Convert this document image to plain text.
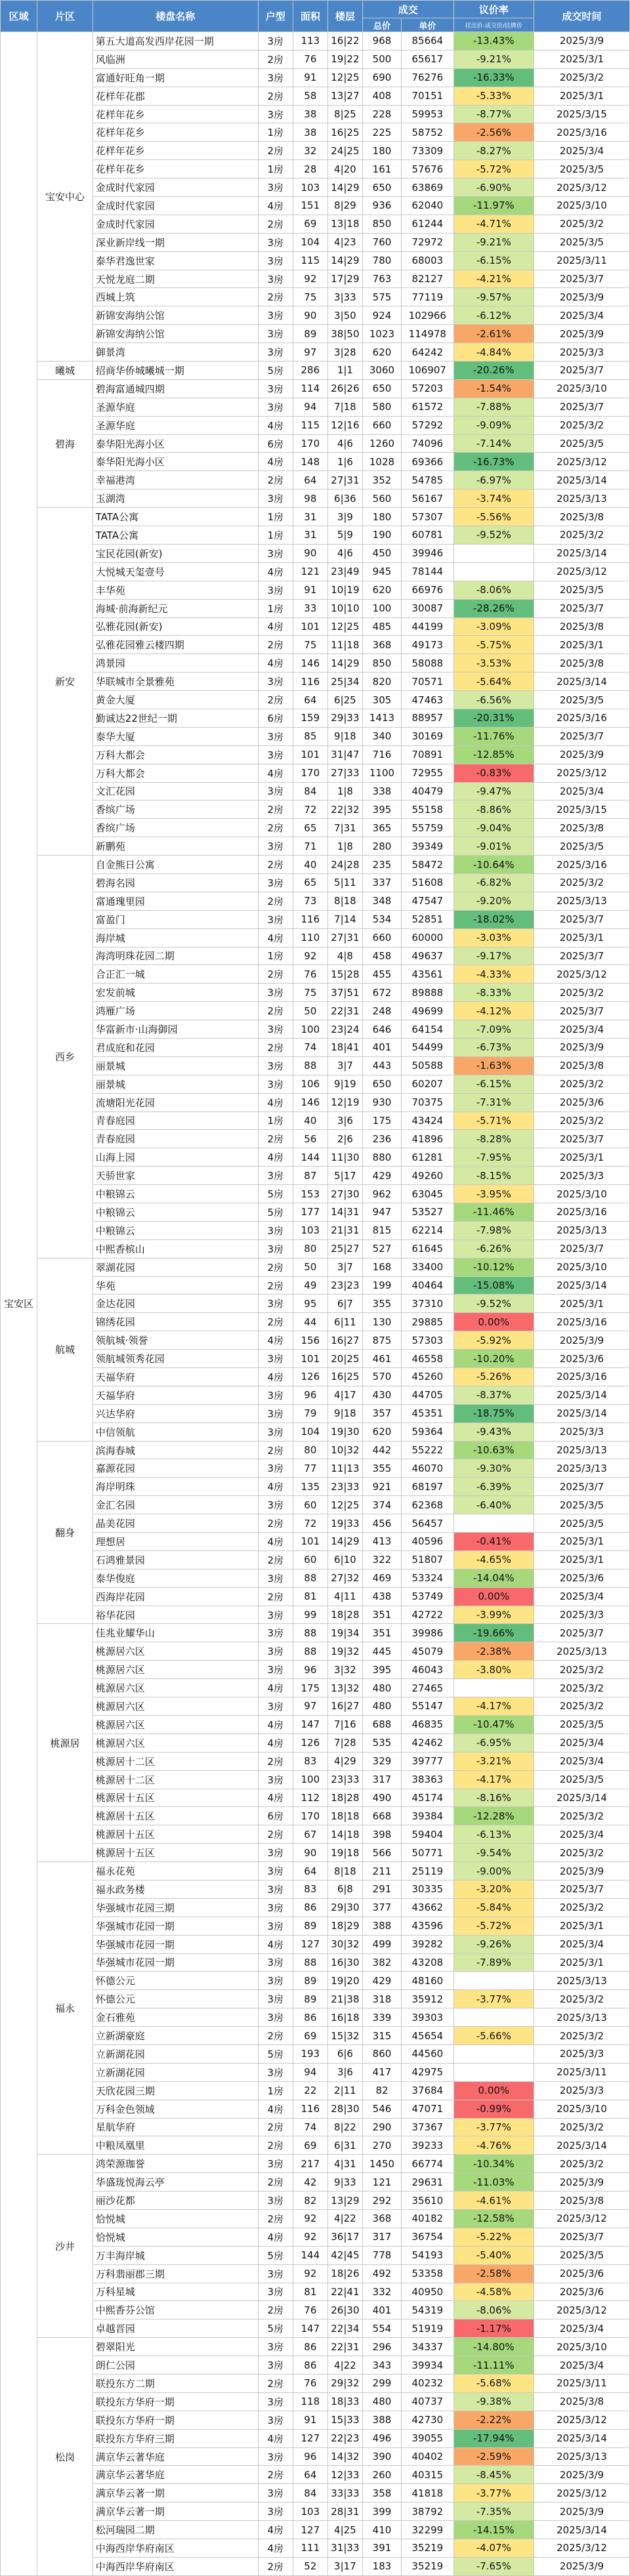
区域	片区	楼盘名称	户型	面积	楼层	成交		议价率	成交时间
						总价	单价	挂出价-成交价/挂牌价	
宝安区	宝安中心	第五大道高发西岸花园一期	3房	113	16|22	968	85664	-13.43%	2025/3/9
		风临洲	2房	76	19|22	500	65617	-9.21%	2025/3/1
		富通好旺角一期	3房	91	12|25	690	76276	-16.33%	2025/3/2
		花样年花郡	2房	58	13|27	408	70151	-5.33%	2025/3/1
		花样年花乡	3房	38	8|25	228	59953	-8.77%	2025/3/15
		花样年花乡	1房	38	16|25	225	58752	-2.56%	2025/3/16
		花样年花乡	2房	32	24|25	180	73309	-8.27%	2025/3/4
		花样年花乡	1房	28	4|20	161	57676	-5.72%	2025/3/5
		金成时代家园	3房	103	14|29	650	63869	-6.90%	2025/3/12
		金成时代家园	4房	151	8|29	936	62040	-11.97%	2025/3/10
		金成时代家园	2房	69	13|18	850	61244	-4.71%	2025/3/2
		深业新岸线一期	3房	104	4|23	760	72972	-9.21%	2025/3/5
		泰华君逸世家	3房	115	14|29	780	68003	-6.15%	2025/3/11
		天悦龙庭二期	3房	92	17|29	763	82127	-4.21%	2025/3/7
		西城上筑	2房	75	3|33	575	77119	-9.57%	2025/3/9
		新锦安海纳公馆	3房	90	3|50	924	102966	-6.12%	2025/3/4
		新锦安海纳公馆	3房	89	38|50	1023	114978	-2.61%	2025/3/9
		御景湾	3房	97	3|28	620	64242	-4.84%	2025/3/3
	曦城	招商华侨城曦城一期	5房	286	1|1	3060	106907	-20.26%	2025/3/7
	碧海	碧海富通城四期	3房	114	26|26	650	57203	-1.54%	2025/3/10
		圣源华庭	3房	94	7|18	580	61572	-7.88%	2025/3/7
		圣源华庭	4房	115	12|16	660	57292	-9.09%	2025/3/2
		泰华阳光海小区	6房	170	4|6	1260	74096	-7.14%	2025/3/5
		泰华阳光海小区	4房	148	1|6	1028	69366	-16.73%	2025/3/12
		幸福港湾	2房	64	27|31	352	54785	-6.97%	2025/3/14
		玉湖湾	3房	98	6|36	560	56167	-3.74%	2025/3/13
	新安	TATA公寓	1房	31	3|9	180	57307	-5.56%	2025/3/8
		TATA公寓	1房	31	5|9	190	60781	-9.52%	2025/3/2
		宝民花园(新安)	3房	90	4|6	450	39946		2025/3/14
		大悦城天玺壹号	4房	121	23|49	945	78144		2025/3/12
		丰华苑	3房	91	10|19	620	66976	-8.06%	2025/3/5
		海城·前海新纪元	1房	33	10|10	100	30087	-28.26%	2025/3/7
		弘雅花园(新安)	4房	101	12|25	485	44199	-3.09%	2025/3/8
		弘雅花园雅云楼四期	2房	75	11|18	368	49173	-5.75%	2025/3/1
		鸿景园	4房	146	14|29	850	58088	-3.53%	2025/3/8
		华联城市全景雅苑	3房	116	25|34	820	70571	-5.64%	2025/3/14
		黄金大厦	2房	64	6|25	305	47463	-6.56%	2025/3/5
		勤诚达22世纪一期	6房	159	29|33	1413	88957	-20.31%	2025/3/16
		泰华大厦	3房	85	9|18	340	30169	-11.76%	2025/3/7
		万科大都会	3房	101	31|47	716	70891	-12.85%	2025/3/9
		万科大都会	4房	170	27|33	1100	72955	-0.83%	2025/3/12
		文汇花园	3房	84	1|8	338	40479	-9.47%	2025/3/4
		香缤广场	2房	72	22|32	395	55158	-8.86%	2025/3/15
		香缤广场	2房	65	7|31	365	55759	-9.04%	2025/3/8
		新鹏苑	3房	71	1|8	280	39349	-9.01%	2025/3/5
	西乡	自金熊日公寓	2房	40	24|28	235	58472	-10.64%	2025/3/16
		碧海名园	3房	65	5|11	337	51608	-6.82%	2025/3/2
		富通瑰里园	2房	73	8|18	348	47547	-9.20%	2025/3/13
		富盈门	3房	116	7|14	534	52851	-18.02%	2025/3/7
		海岸城	4房	110	27|31	660	60000	-3.03%	2025/3/1
		海湾明珠花园二期	1房	92	4|8	458	49637	-9.17%	2025/3/7
		合正汇一城	2房	76	15|28	455	43561	-4.33%	2025/3/12
		宏发前城	3房	75	37|51	672	89888	-8.33%	2025/3/2
		鸿雁广场	2房	50	22|31	248	49699	-4.12%	2025/3/7
		华富新市·山海御园	3房	100	23|24	646	64154	-7.09%	2025/3/4
		君成庭和花园	2房	74	18|41	401	54499	-6.73%	2025/3/9
		丽景城	3房	88	3|7	443	50588	-1.63%	2025/3/8
		丽景城	3房	106	9|19	650	60207	-6.15%	2025/3/2
		流塘阳光花园	4房	146	12|19	930	70375	-7.31%	2025/3/6
		青春庭园	1房	40	3|6	175	43424	-5.71%	2025/3/2
		青春庭园	2房	56	2|6	236	41896	-8.28%	2025/3/7
		山海上园	4房	144	11|30	880	61281	-7.95%	2025/3/1
		天骄世家	3房	87	5|17	429	49260	-8.15%	2025/3/3
		中粮锦云	5房	153	27|30	962	63045	-3.95%	2025/3/10
		中粮锦云	5房	177	14|31	947	53527	-11.46%	2025/3/16
		中粮锦云	3房	103	21|31	815	62214	-7.98%	2025/3/13
		中熙香槟山	3房	80	25|27	527	61645	-6.26%	2025/3/7
	航城	翠湖花园	2房	50	3|7	168	33400	-10.12%	2025/3/10
		华苑	2房	49	23|23	199	40464	-15.08%	2025/3/14
		金达花园	3房	95	6|7	355	37310	-9.52%	2025/3/1
		锦绣花园	2房	44	6|11	130	29885	0.00%	2025/3/16
		领航城·领誉	4房	156	16|27	875	57303	-5.92%	2025/3/9
		领航城领秀花园	3房	101	20|25	461	46558	-10.20%	2025/3/6
		天福华府	4房	126	16|25	570	45260	-5.26%	2025/3/16
		天福华府	3房	96	4|17	430	44705	-8.37%	2025/3/14
		兴达华府	3房	79	9|18	357	45351	-18.75%	2025/3/14
		中信领航	3房	104	19|30	620	59364	-9.43%	2025/3/3
	翻身	滨海春城	2房	80	10|32	442	55222	-10.63%	2025/3/13
		嘉源花园	3房	77	11|13	355	46070	-9.30%	2025/3/13
		海岸明珠	4房	135	23|33	921	68197	-6.39%	2025/3/7
		金汇名园	3房	60	12|25	374	62368	-6.40%	2025/3/5
		晶美花园	2房	72	19|33	456	56457		2025/3/5
		理想居	4房	101	14|29	413	40596	-0.41%	2025/3/1
		石鸿雅景园	2房	60	6|10	322	51807	-4.65%	2025/3/1
		泰华俊庭	3房	88	27|32	469	53324	-14.04%	2025/3/6
		西海岸花园	2房	81	4|11	438	53749	0.00%	2025/3/4
		裕华花园	3房	99	18|28	351	42722	-3.99%	2025/3/3
	桃源居	佳兆业耀华山	3房	88	19|34	351	39986	-19.66%	2025/3/7
		桃源居六区	3房	88	19|32	445	45079	-2.38%	2025/3/13
		桃源居六区	3房	96	3|32	395	46043	-3.80%	2025/3/2
		桃源居六区	4房	175	13|32	480	27465		2025/3/2
		桃源居六区	3房	97	16|27	480	55147	-4.17%	2025/3/2
		桃源居六区	4房	147	7|16	688	46835	-10.47%	2025/3/5
		桃源居六区	4房	126	7|28	535	42462	-6.95%	2025/3/4
		桃源居十二区	2房	83	4|29	329	39777	-3.21%	2025/3/4
		桃源居十二区	3房	100	23|33	317	38363	-4.17%	2025/3/5
		桃源居十五区	4房	112	18|28	490	45174	-8.16%	2025/3/14
		桃源居十五区	6房	170	18|18	668	39384	-12.28%	2025/3/2
		桃源居十五区	2房	67	14|18	398	59404	-6.13%	2025/3/4
		桃源居十五区	3房	90	19|18	566	50771	-9.54%	2025/3/2
	福永	福永花苑	3房	64	8|18	211	25119	-9.00%	2025/3/9
		福永政务楼	3房	83	6|8	291	30335	-3.20%	2025/3/7
		华强城市花园三期	3房	86	29|30	377	43662	-5.84%	2025/3/2
		华强城市花园一期	3房	89	18|29	388	43596	-5.72%	2025/3/1
		华强城市花园一期	4房	127	30|32	499	39282	-9.26%	2025/3/4
		华强城市花园一期	3房	88	16|30	382	43208	-7.89%	2025/3/1
		怀德公元	3房	89	19|20	429	48160		2025/3/13
		怀德公元	3房	89	21|38	318	35912	-3.77%	2025/3/2
		金石雅苑	3房	86	16|18	339	39303		2025/3/13
		立新湖豪庭	2房	69	15|32	315	45654	-5.66%	2025/3/2
		立新湖花园	5房	193	6|6	860	44560		2025/3/3
		立新湖花园	3房	94	3|6	417	42975		2025/3/11
		天欣花园三期	1房	22	2|11	82	37684	0.00%	2025/3/3
		万科金色领域	4房	116	28|30	546	47071	-0.99%	2025/3/10
		星航华府	2房	74	8|22	290	37367	-3.77%	2025/3/2
		中粮凤凰里	2房	69	6|31	270	39233	-4.76%	2025/3/14
	沙井	鸿荣源珈誉	3房	217	4|31	1450	66774	-10.34%	2025/3/2
		华盛珑悦海云亭	2房	42	9|33	121	29631	-11.03%	2025/3/9
		丽沙花都	3房	82	13|29	292	35610	-4.61%	2025/3/8
		恰悦城	2房	92	4|22	368	40182	-12.58%	2025/3/12
		恰悦城	4房	92	36|17	317	36754	-5.22%	2025/3/7
		万丰海岸城	5房	144	42|45	778	54193	-5.40%	2025/3/5
		万科翡丽郡三期	3房	92	18|26	492	53358	-2.58%	2025/3/6
		万科星城	3房	81	22|41	332	40950	-4.58%	2025/3/6
		中熙香芬公馆	2房	76	26|30	401	54319	-8.06%	2025/3/12
		卓越晋园	5房	147	22|34	554	51919	-1.17%	2025/3/4
	松岗	碧翠阳光	3房	86	22|31	296	34337	-14.80%	2025/3/10
		朗仁公园	3房	86	4|22	343	39934	-11.11%	2025/3/4
		联投东方二期	2房	76	29|32	299	40232	-5.68%	2025/3/11
		联投东方华府一期	3房	118	18|33	480	40737	-9.38%	2025/3/8
		联投东方华府一期	3房	91	15|33	388	42730	-2.22%	2025/3/12
		联投东方华府三期	4房	127	22|23	496	39055	-17.94%	2025/3/14
		满京华云著华庭	3房	96	14|32	390	40402	-2.59%	2025/3/13
		满京华云著华庭	2房	64	12|33	260	40315	-8.45%	2025/3/9
		满京华云著一期	3房	84	33|33	358	41818	-3.77%	2025/3/12
		满京华云著一期	3房	103	28|31	399	38792	-7.35%	2025/3/9
		松河瑞园二期	4房	127	4|25	410	32299	-14.15%	2025/3/14
		中海西岸华府南区	4房	111	31|33	391	35219	-4.07%	2025/3/12
		中海西岸华府南区	2房	52	3|17	183	35219	-7.65%	2025/3/9
